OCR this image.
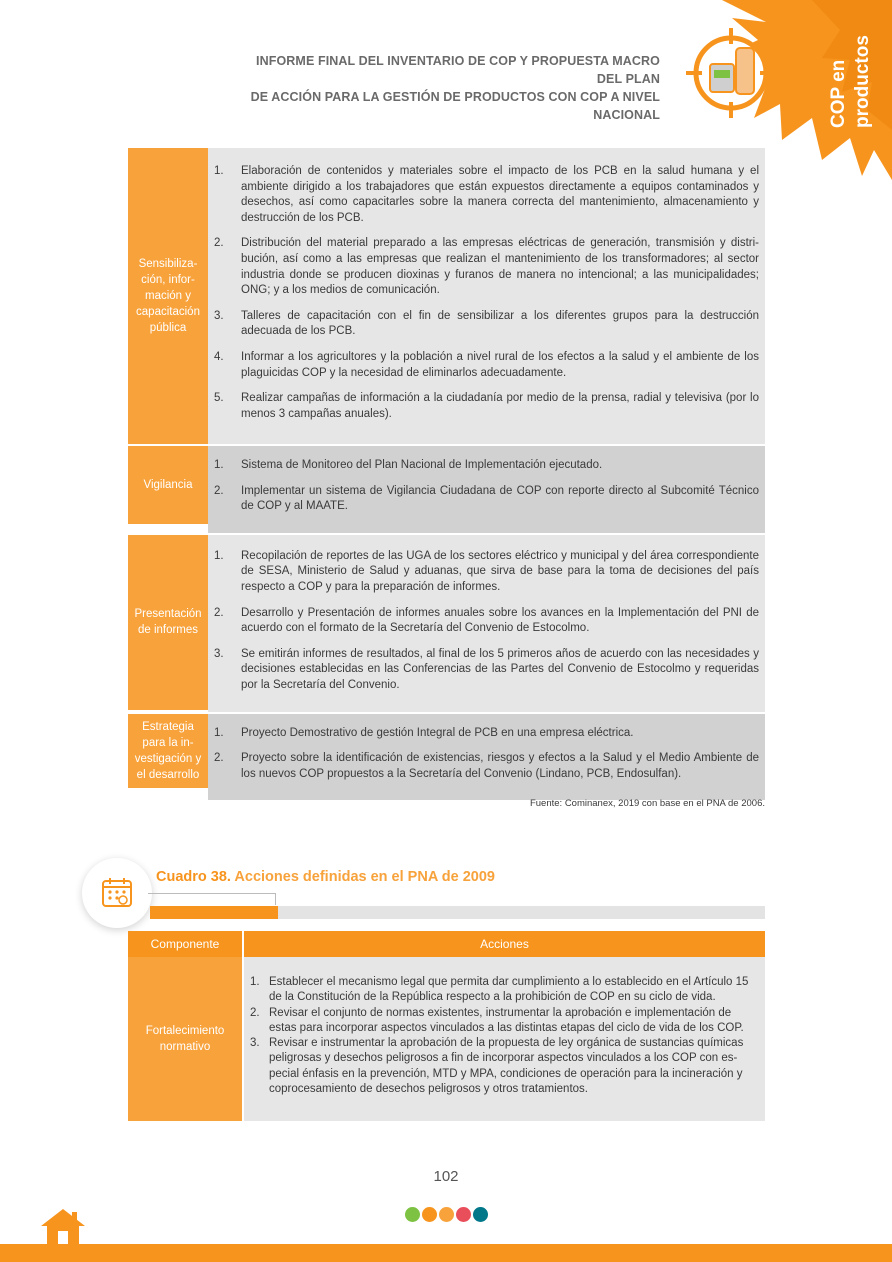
INFORME FINAL DEL INVENTARIO DE COP Y PROPUESTA MACRO DEL PLAN
DE ACCIÓN PARA LA GESTIÓN DE PRODUCTOS CON COP A NIVEL NACIONAL	COP en productos
Sensibiliza-ción, infor-mación y capacitación pública
1.	Elaboración de contenidos y materiales sobre el impacto de los PCB en la salud humana y el ambiente dirigido a los trabajadores que están expuestos directamente a equipos contaminados y desechos, así como capacitarles sobre la manera correcta del mantenimiento, almacenamiento y destrucción de los PCB.
2.	Distribución del material preparado a las empresas eléctricas de generación, transmisión y distri-bución, así como a las empresas que realizan el mantenimiento de los transformadores; al sector industria donde se producen dioxinas y furanos de manera no intencional; a las municipalidades; ONG; y a los medios de comunicación.
3.	Talleres de capacitación con el fin de sensibilizar a los diferentes grupos para la destrucción adecuada de los PCB.
4.	Informar a los agricultores y la población a nivel rural de los efectos a la salud y el ambiente de los plaguicidas COP y la necesidad de eliminarlos adecuadamente.
5.	Realizar campañas de información a la ciudadanía por medio de la prensa, radial y televisiva (por lo menos 3 campañas anuales).
Vigilancia
1.	Sistema de Monitoreo del Plan Nacional de Implementación ejecutado.
2.	Implementar un sistema de Vigilancia Ciudadana de COP con reporte directo al Subcomité Técnico de COP y al MAATE.
Presentación de informes
1.	Recopilación de reportes de las UGA de los sectores eléctrico y municipal y del área correspondiente de SESA, Ministerio de Salud y aduanas, que sirva de base para la toma de decisiones del país respecto a COP y para la preparación de informes.
2.	Desarrollo y Presentación de informes anuales sobre los avances en la Implementación del PNI de acuerdo con el formato de la Secretaría del Convenio de Estocolmo.
3.	Se emitirán informes de resultados, al final de los 5 primeros años de acuerdo con las necesidades y decisiones establecidas en las Conferencias de las Partes del Convenio de Estocolmo y requeridas por la Secretaría del Convenio.
Estrategia para la in-vestigación y el desarrollo
1.	Proyecto Demostrativo de gestión Integral de PCB en una empresa eléctrica.
2.	Proyecto sobre la identificación de existencias, riesgos y efectos a la Salud y el Medio Ambiente de los nuevos COP propuestos a la Secretaría del Convenio (Lindano, PCB, Endosulfan).
Fuente: Cominanex, 2019 con base en el PNA de 2006.
Cuadro 38. Acciones definidas en el PNA de 2009
Componente	Acciones
Fortalecimiento normativo
1. Establecer el mecanismo legal que permita dar cumplimiento a lo establecido en el Artículo 15 de la Constitución de la República respecto a la prohibición de COP en su ciclo de vida.
2. Revisar el conjunto de normas existentes, instrumentar la aprobación e implementación de estas para incorporar aspectos vinculados a las distintas etapas del ciclo de vida de los COP.
3. Revisar e instrumentar la aprobación de la propuesta de ley orgánica de sustancias químicas peligrosas y desechos peligrosos a fin de incorporar aspectos vinculados a los COP con es-pecial énfasis en la prevención, MTD y MPA, condiciones de operación para la incineración y coprocesamiento de desechos peligrosos y otros tratamientos.
102
